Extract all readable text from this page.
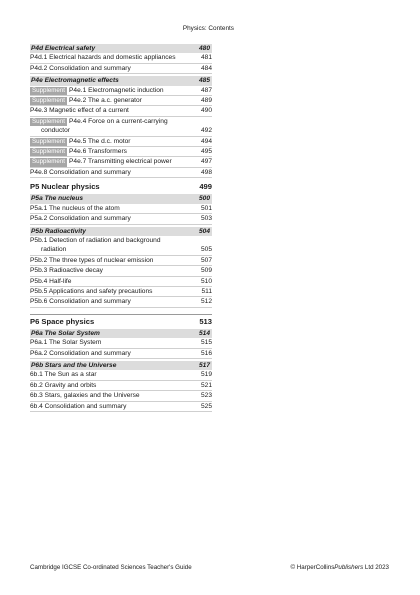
Physics: Contents
P4d Electrical safety	480
P4d.1 Electrical hazards and domestic appliances	481
P4d.2 Consolidation and summary	484
P4e Electromagnetic effects	485
Supplement P4e.1 Electromagnetic induction	487
Supplement P4e.2 The a.c. generator	489
P4e.3 Magnetic effect of a current	490
Supplement P4e.4 Force on a current-carrying
conductor	492
Supplement P4e.5 The d.c. motor	494
Supplement P4e.6 Transformers	495
Supplement P4e.7 Transmitting electrical power	497
P4e.8 Consolidation and summary	498
P5 Nuclear physics	499
P5a The nucleus	500
P5a.1 The nucleus of the atom	501
P5a.2 Consolidation and summary	503
P5b Radioactivity	504
P5b.1 Detection of radiation and background
radiation	505
P5b.2 The three types of nuclear emission	507
P5b.3 Radioactive decay	509
P5b.4 Half-life	510
P5b.5 Applications and safety precautions	511
P5b.6 Consolidation and summary	512
P6 Space physics	513
P6a The Solar System	514
P6a.1 The Solar System	515
P6a.2 Consolidation and summary	516
P6b Stars and the Universe	517
6b.1 The Sun as a star	519
6b.2 Gravity and orbits	521
6b.3 Stars, galaxies and the Universe	523
6b.4 Consolidation and summary	525
Cambridge IGCSE Co-ordinated Sciences Teacher's Guide	© HarperCollinsPublishers Ltd 2023
